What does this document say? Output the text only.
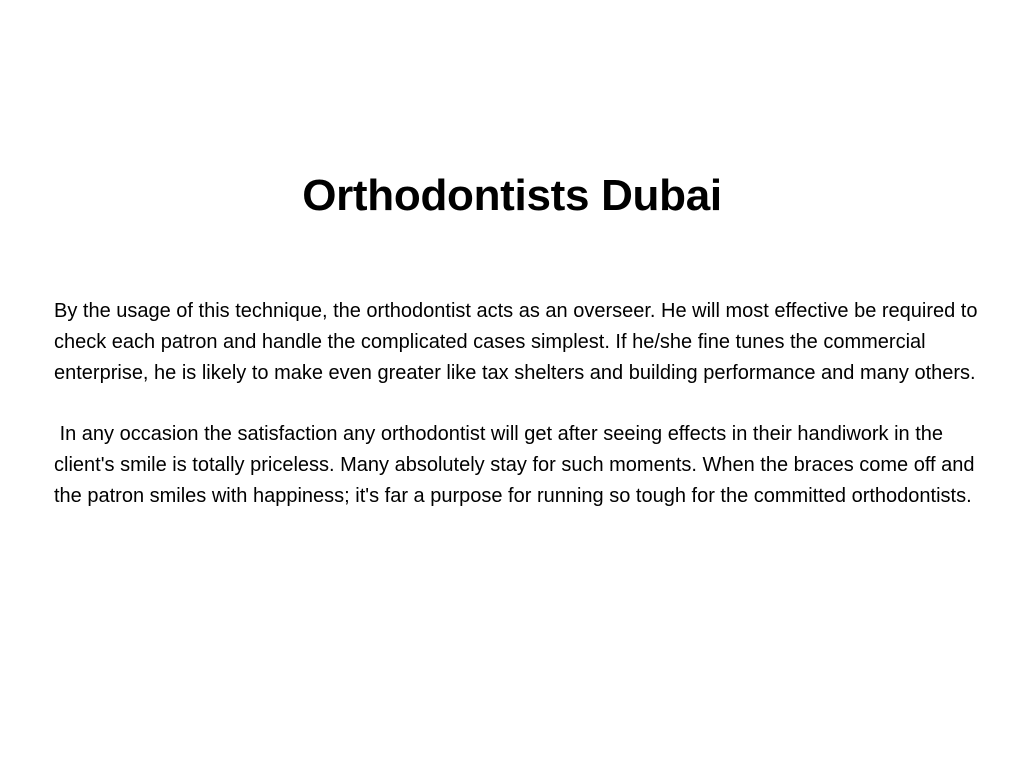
Orthodontists Dubai

By the usage of this technique, the orthodontist acts as an overseer. He will most effective be required to check each patron and handle the complicated cases simplest. If he/she fine tunes the commercial enterprise, he is likely to make even greater like tax shelters and building performance and many others.

In any occasion the satisfaction any orthodontist will get after seeing effects in their handiwork in the client's smile is totally priceless. Many absolutely stay for such moments. When the braces come off and the patron smiles with happiness; it's far a purpose for running so tough for the committed orthodontists.
